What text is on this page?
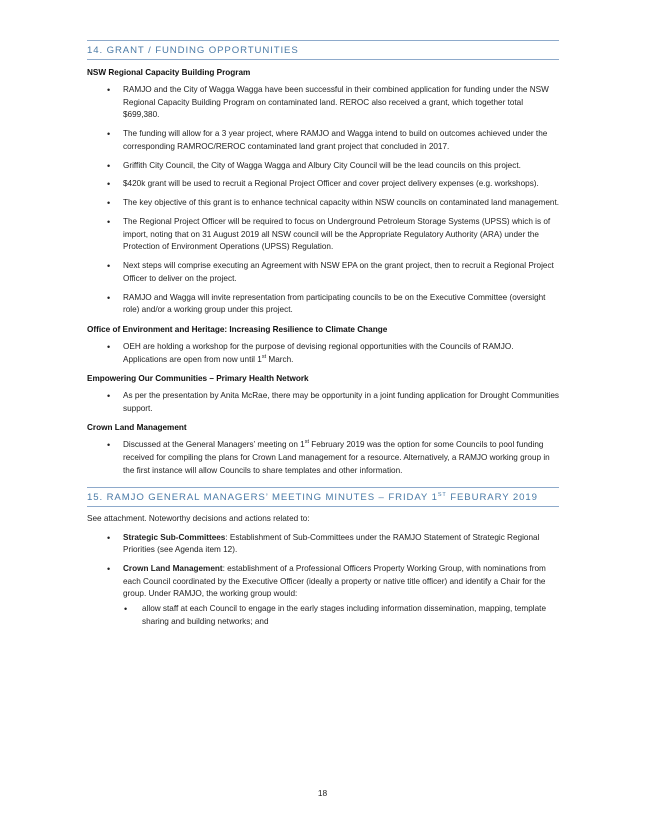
14. GRANT / FUNDING OPPORTUNITIES
NSW Regional Capacity Building Program
• RAMJO and the City of Wagga Wagga have been successful in their combined application for funding under the NSW Regional Capacity Building Program on contaminated land. REROC also received a grant, which together total $699,380.
• The funding will allow for a 3 year project, where RAMJO and Wagga intend to build on outcomes achieved under the corresponding RAMROC/REROC contaminated land grant project that concluded in 2017.
• Griffith City Council, the City of Wagga Wagga and Albury City Council will be the lead councils on this project.
• $420k grant will be used to recruit a Regional Project Officer and cover project delivery expenses (e.g. workshops).
• The key objective of this grant is to enhance technical capacity within NSW councils on contaminated land management.
• The Regional Project Officer will be required to focus on Underground Petroleum Storage Systems (UPSS) which is of import, noting that on 31 August 2019 all NSW council will be the Appropriate Regulatory Authority (ARA) under the Protection of Environment Operations (UPSS) Regulation.
• Next steps will comprise executing an Agreement with NSW EPA on the grant project, then to recruit a Regional Project Officer to deliver on the project.
• RAMJO and Wagga will invite representation from participating councils to be on the Executive Committee (oversight role) and/or a working group under this project.
Office of Environment and Heritage: Increasing Resilience to Climate Change
• OEH are holding a workshop for the purpose of devising regional opportunities with the Councils of RAMJO. Applications are open from now until 1st March.
Empowering Our Communities – Primary Health Network
• As per the presentation by Anita McRae, there may be opportunity in a joint funding application for Drought Communities support.
Crown Land Management
• Discussed at the General Managers’ meeting on 1st February 2019 was the option for some Councils to pool funding received for compiling the plans for Crown Land management for a resource. Alternatively, a RAMJO working group in the first instance will allow Councils to share templates and other information.
15. RAMJO GENERAL MANAGERS’ MEETING MINUTES – FRIDAY 1ST FEBURARY 2019
See attachment. Noteworthy decisions and actions related to:
• Strategic Sub-Committees: Establishment of Sub-Committees under the RAMJO Statement of Strategic Regional Priorities (see Agenda item 12).
• Crown Land Management: establishment of a Professional Officers Property Working Group, with nominations from each Council coordinated by the Executive Officer (ideally a property or native title officer) and identify a Chair for the group. Under RAMJO, the working group would:
• allow staff at each Council to engage in the early stages including information dissemination, mapping, template sharing and building networks; and
18
